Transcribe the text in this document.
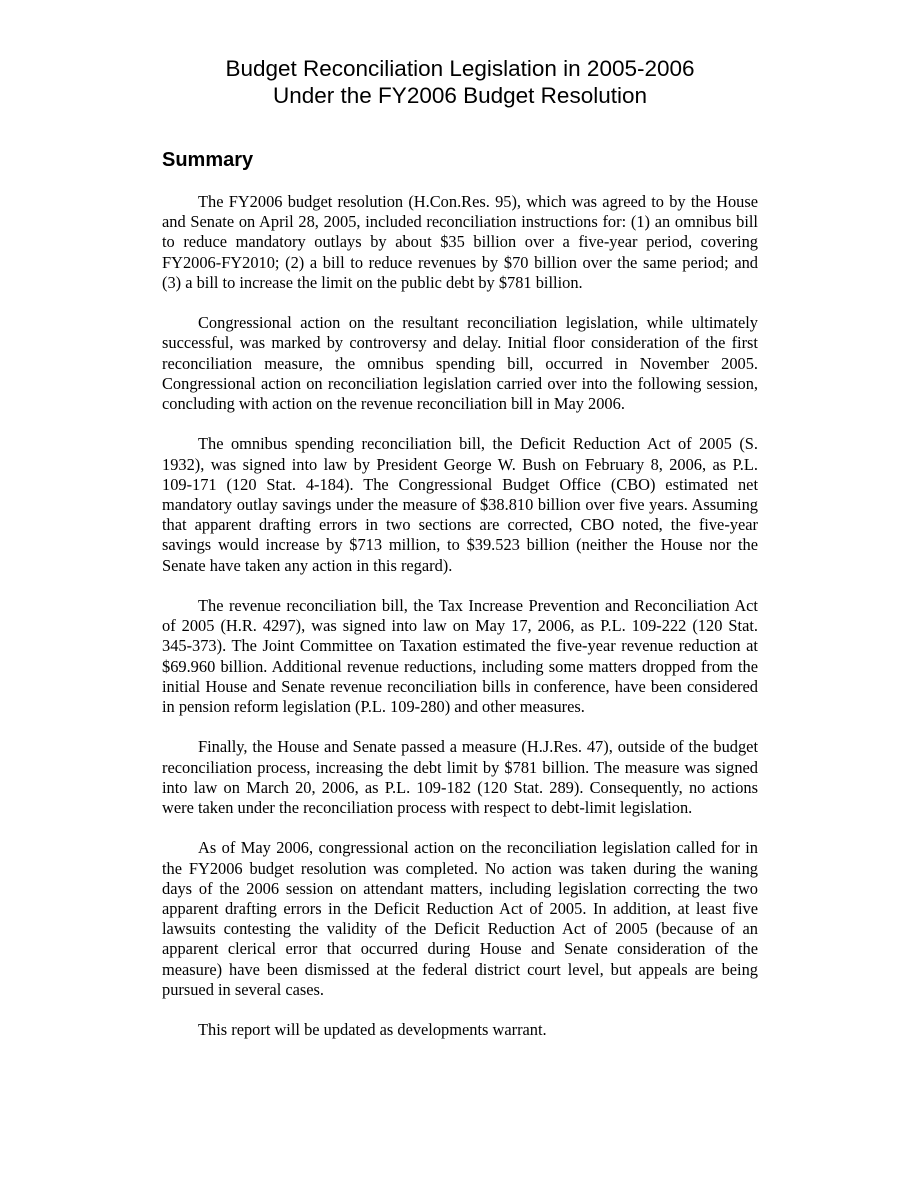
Budget Reconciliation Legislation in 2005-2006
Under the FY2006 Budget Resolution
Summary

The FY2006 budget resolution (H.Con.Res. 95), which was agreed to by the House and Senate on April 28, 2005, included reconciliation instructions for: (1) an omnibus bill to reduce mandatory outlays by about $35 billion over a five-year period, covering FY2006-FY2010; (2) a bill to reduce revenues by $70 billion over the same period; and (3) a bill to increase the limit on the public debt by $781 billion.

Congressional action on the resultant reconciliation legislation, while ultimately successful, was marked by controversy and delay. Initial floor consideration of the first reconciliation measure, the omnibus spending bill, occurred in November 2005. Congressional action on reconciliation legislation carried over into the following session, concluding with action on the revenue reconciliation bill in May 2006.

The omnibus spending reconciliation bill, the Deficit Reduction Act of 2005 (S. 1932), was signed into law by President George W. Bush on February 8, 2006, as P.L. 109-171 (120 Stat. 4-184). The Congressional Budget Office (CBO) estimated net mandatory outlay savings under the measure of $38.810 billion over five years. Assuming that apparent drafting errors in two sections are corrected, CBO noted, the five-year savings would increase by $713 million, to $39.523 billion (neither the House nor the Senate have taken any action in this regard).

The revenue reconciliation bill, the Tax Increase Prevention and Reconciliation Act of 2005 (H.R. 4297), was signed into law on May 17, 2006, as P.L. 109-222 (120 Stat. 345-373). The Joint Committee on Taxation estimated the five-year revenue reduction at $69.960 billion. Additional revenue reductions, including some matters dropped from the initial House and Senate revenue reconciliation bills in conference, have been considered in pension reform legislation (P.L. 109-280) and other measures.

Finally, the House and Senate passed a measure (H.J.Res. 47), outside of the budget reconciliation process, increasing the debt limit by $781 billion. The measure was signed into law on March 20, 2006, as P.L. 109-182 (120 Stat. 289). Consequently, no actions were taken under the reconciliation process with respect to debt-limit legislation.

As of May 2006, congressional action on the reconciliation legislation called for in the FY2006 budget resolution was completed. No action was taken during the waning days of the 2006 session on attendant matters, including legislation correcting the two apparent drafting errors in the Deficit Reduction Act of 2005. In addition, at least five lawsuits contesting the validity of the Deficit Reduction Act of 2005 (because of an apparent clerical error that occurred during House and Senate consideration of the measure) have been dismissed at the federal district court level, but appeals are being pursued in several cases.

This report will be updated as developments warrant.
